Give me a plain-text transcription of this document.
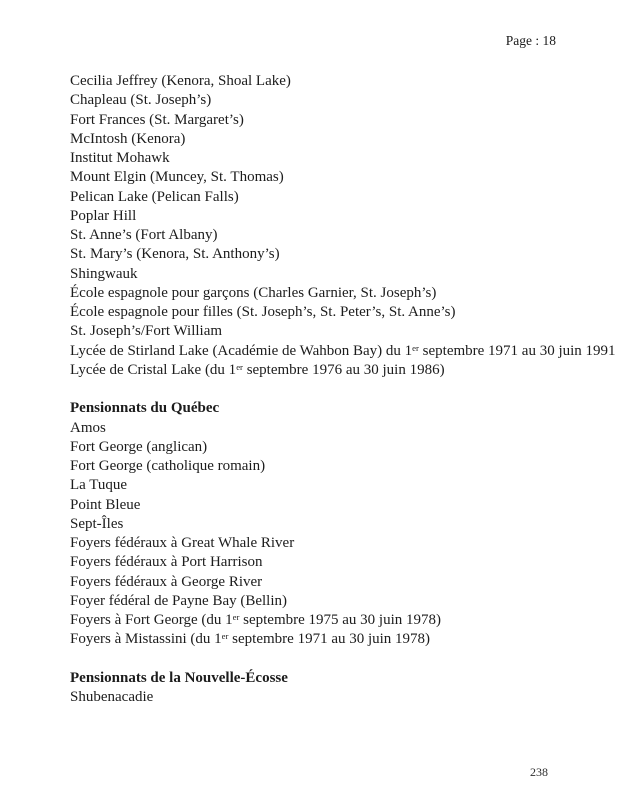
Page : 18
Cecilia Jeffrey (Kenora, Shoal Lake)
Chapleau (St. Joseph’s)
Fort Frances (St. Margaret’s)
McIntosh (Kenora)
Institut Mohawk
Mount Elgin (Muncey, St. Thomas)
Pelican Lake (Pelican Falls)
Poplar Hill
St. Anne’s (Fort Albany)
St. Mary’s (Kenora, St. Anthony’s)
Shingwauk
École espagnole pour garçons (Charles Garnier, St. Joseph’s)
École espagnole pour filles (St. Joseph’s, St. Peter’s, St. Anne’s)
St. Joseph’s/Fort William
Lycée de Stirland Lake (Académie de Wahbon Bay) du 1er septembre 1971 au 30 juin 1991
Lycée de Cristal Lake (du 1er septembre 1976 au 30 juin 1986)

Pensionnats du Québec
Amos
Fort George (anglican)
Fort George (catholique romain)
La Tuque
Point Bleue
Sept-Îles
Foyers fédéraux à Great Whale River
Foyers fédéraux à Port Harrison
Foyers fédéraux à George River
Foyer fédéral de Payne Bay (Bellin)
Foyers à Fort George (du 1er septembre 1975 au 30 juin 1978)
Foyers à Mistassini (du 1er septembre 1971 au 30 juin 1978)

Pensionnats de la Nouvelle-Écosse
Shubenacadie
238
